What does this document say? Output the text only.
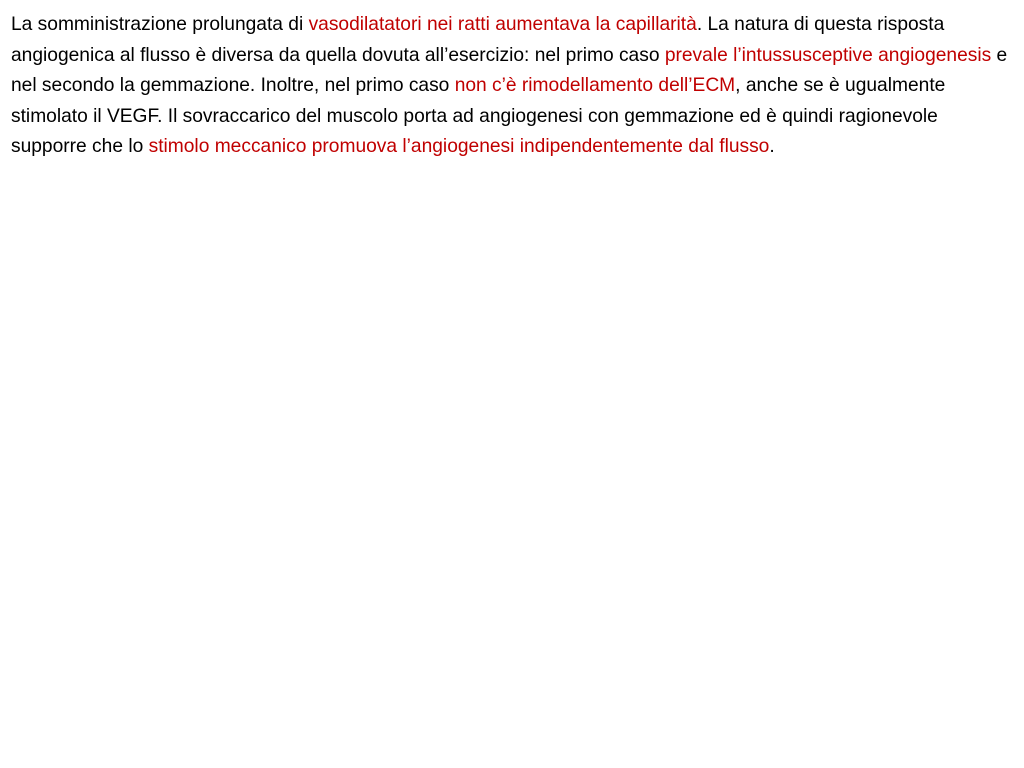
La somministrazione prolungata di vasodilatatori nei ratti aumentava la capillarità. La natura di questa risposta angiogenica al flusso è diversa da quella dovuta all’esercizio: nel primo caso prevale l’intussusceptive angiogenesis e nel secondo la gemmazione. Inoltre, nel primo caso non c’è rimodellamento dell’ECM, anche se è ugualmente stimolato il VEGF. Il sovraccarico del muscolo porta ad angiogenesi con gemmazione ed è quindi ragionevole supporre che lo stimolo meccanico promuova l’angiogenesi indipendentemente dal flusso.
